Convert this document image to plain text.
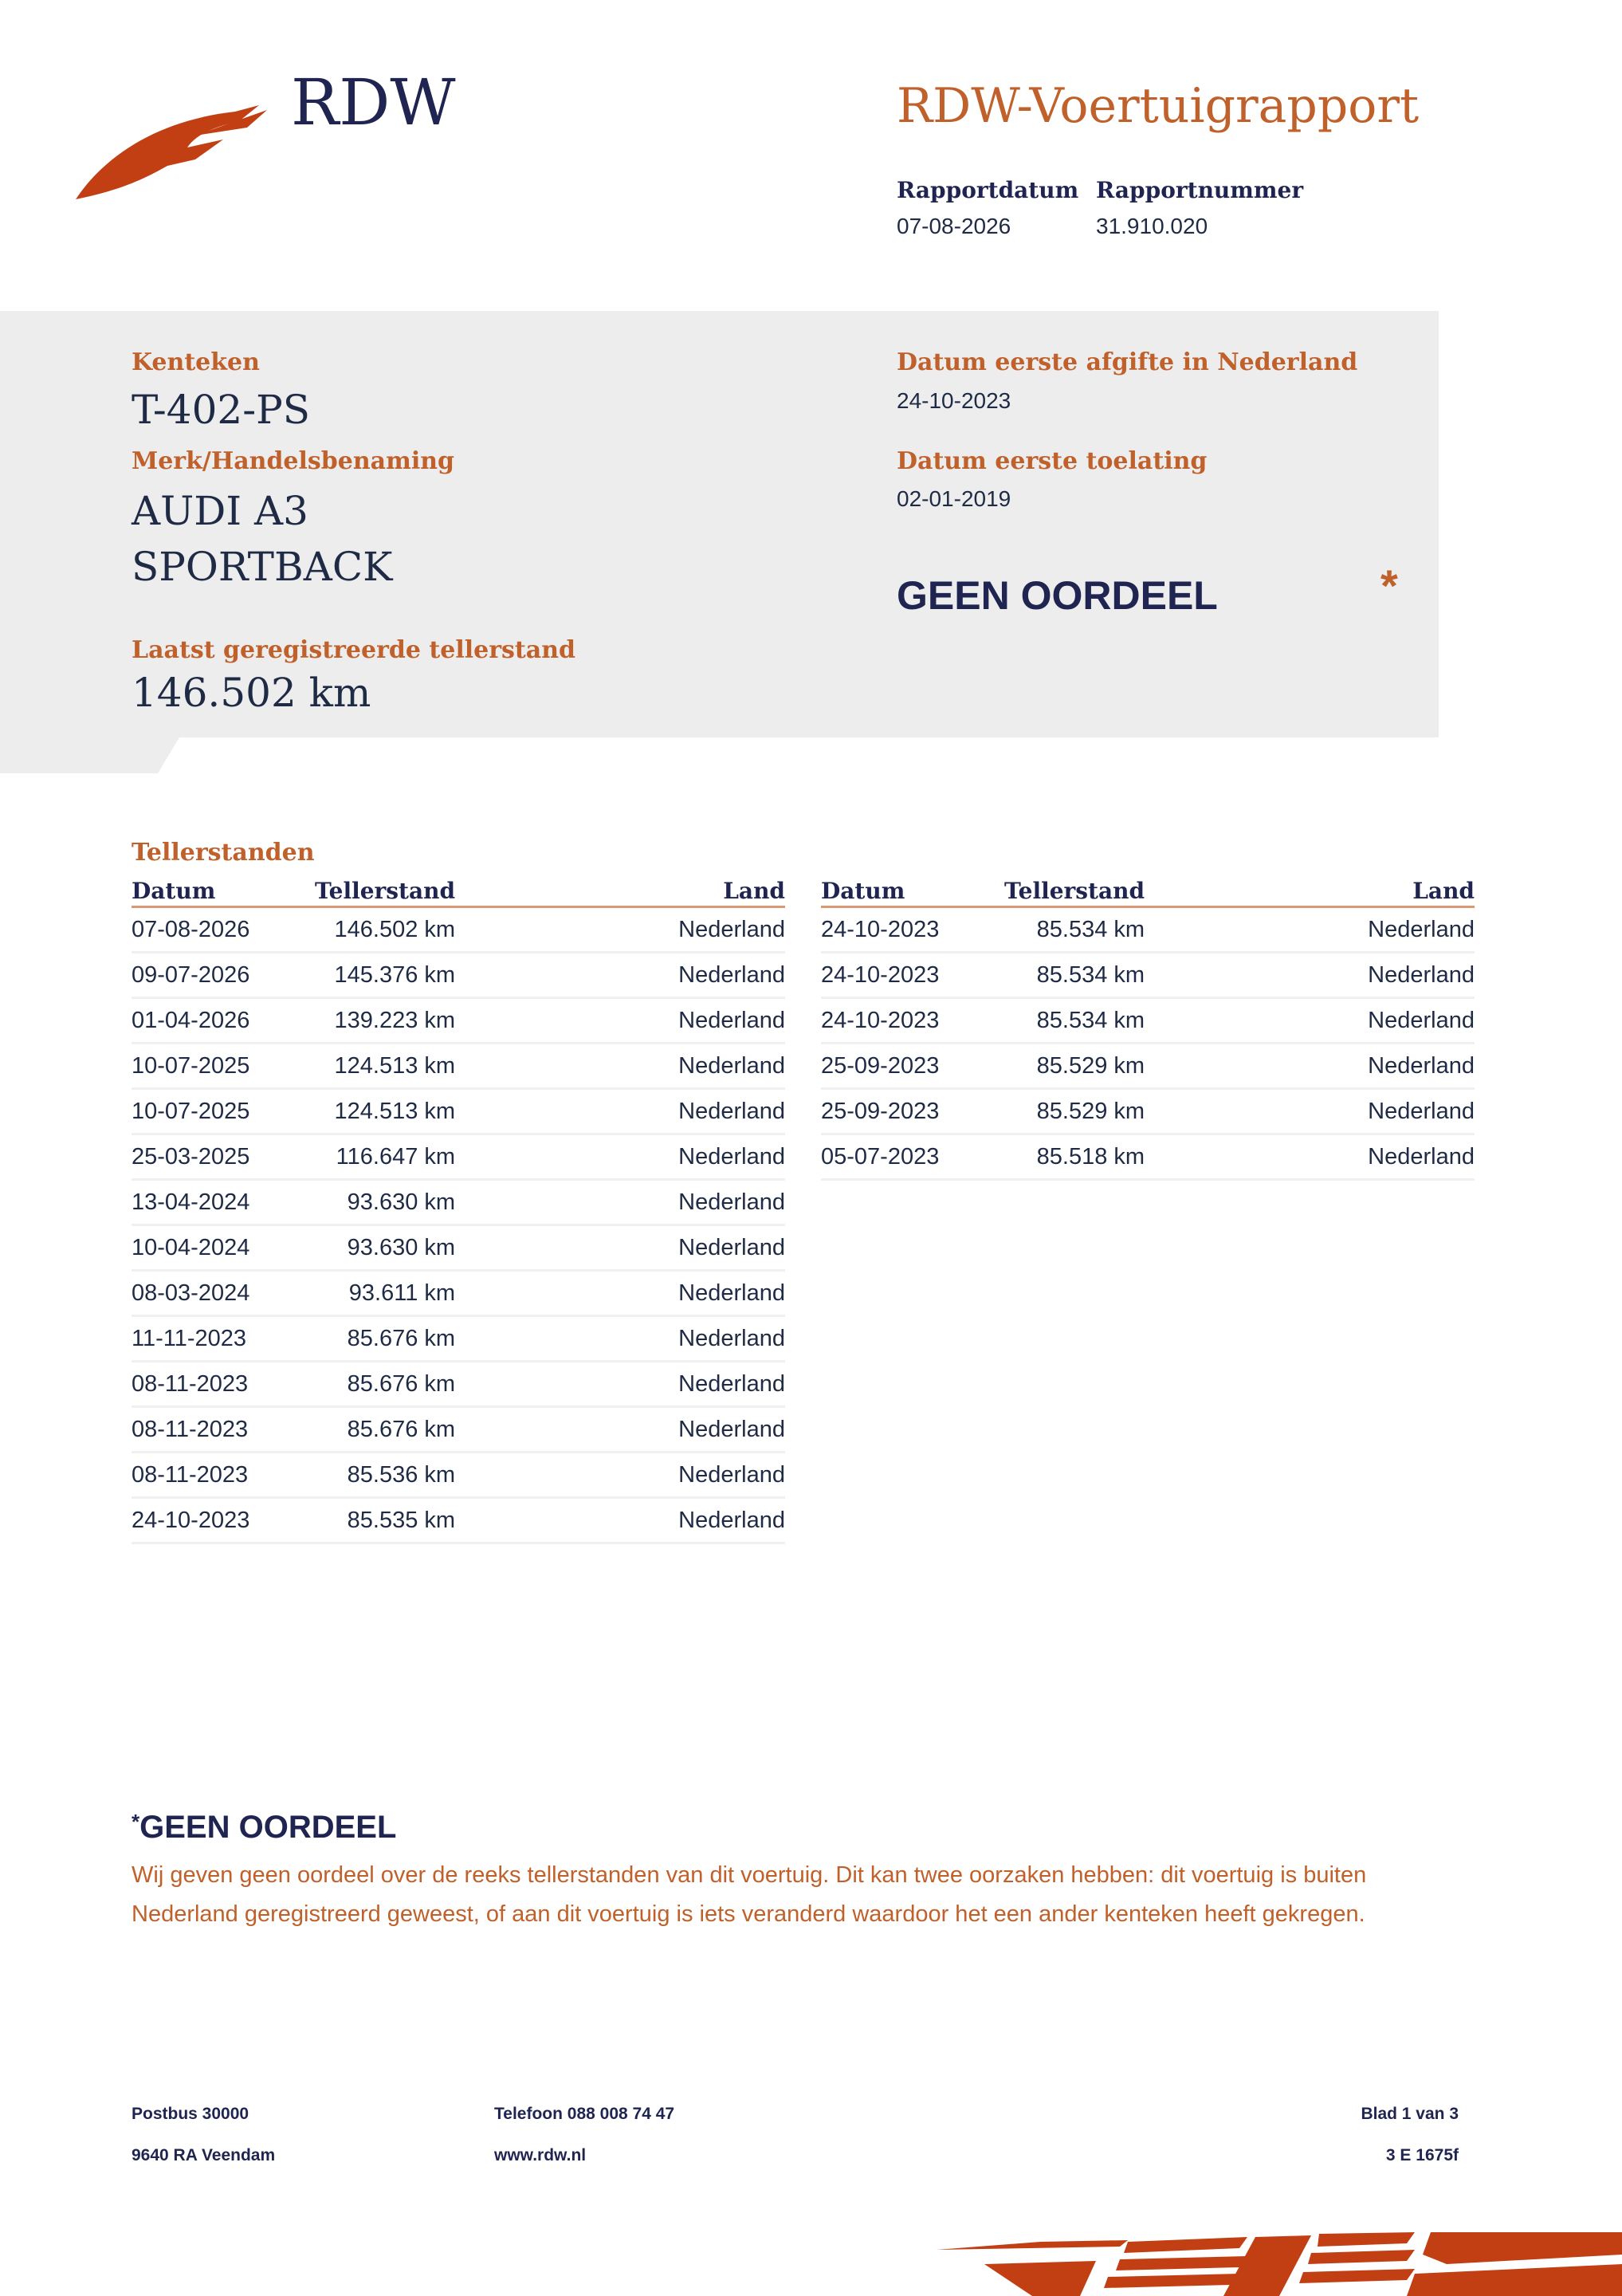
RDW	RDW-Voertuigrapport
Rapportdatum
07-08-2026
Rapportnummer
31.910.020
Kenteken
T-402-PS
Merk/Handelsbenaming
AUDI A3
SPORTBACK
Laatst geregistreerde tellerstand
146.502 km
Datum eerste afgifte in Nederland
24-10-2023
Datum eerste toelating
02-01-2019
GEEN OORDEEL	*
Tellerstanden
Datum	Tellerstand	Land
07-08-2026	146.502 km	Nederland
09-07-2026	145.376 km	Nederland
01-04-2026	139.223 km	Nederland
10-07-2025	124.513 km	Nederland
10-07-2025	124.513 km	Nederland
25-03-2025	116.647 km	Nederland
13-04-2024	93.630 km	Nederland
10-04-2024	93.630 km	Nederland
08-03-2024	93.611 km	Nederland
11-11-2023	85.676 km	Nederland
08-11-2023	85.676 km	Nederland
08-11-2023	85.676 km	Nederland
08-11-2023	85.536 km	Nederland
24-10-2023	85.535 km	Nederland
Datum	Tellerstand	Land
24-10-2023	85.534 km	Nederland
24-10-2023	85.534 km	Nederland
24-10-2023	85.534 km	Nederland
25-09-2023	85.529 km	Nederland
25-09-2023	85.529 km	Nederland
05-07-2023	85.518 km	Nederland
*GEEN OORDEEL
Wij geven geen oordeel over de reeks tellerstanden van dit voertuig. Dit kan twee oorzaken hebben: dit voertuig is buiten Nederland geregistreerd geweest, of aan dit voertuig is iets veranderd waardoor het een ander kenteken heeft gekregen.
Postbus 30000
9640 RA Veendam
Telefoon 088 008 74 47
www.rdw.nl
Blad 1 van 3
3 E 1675f
